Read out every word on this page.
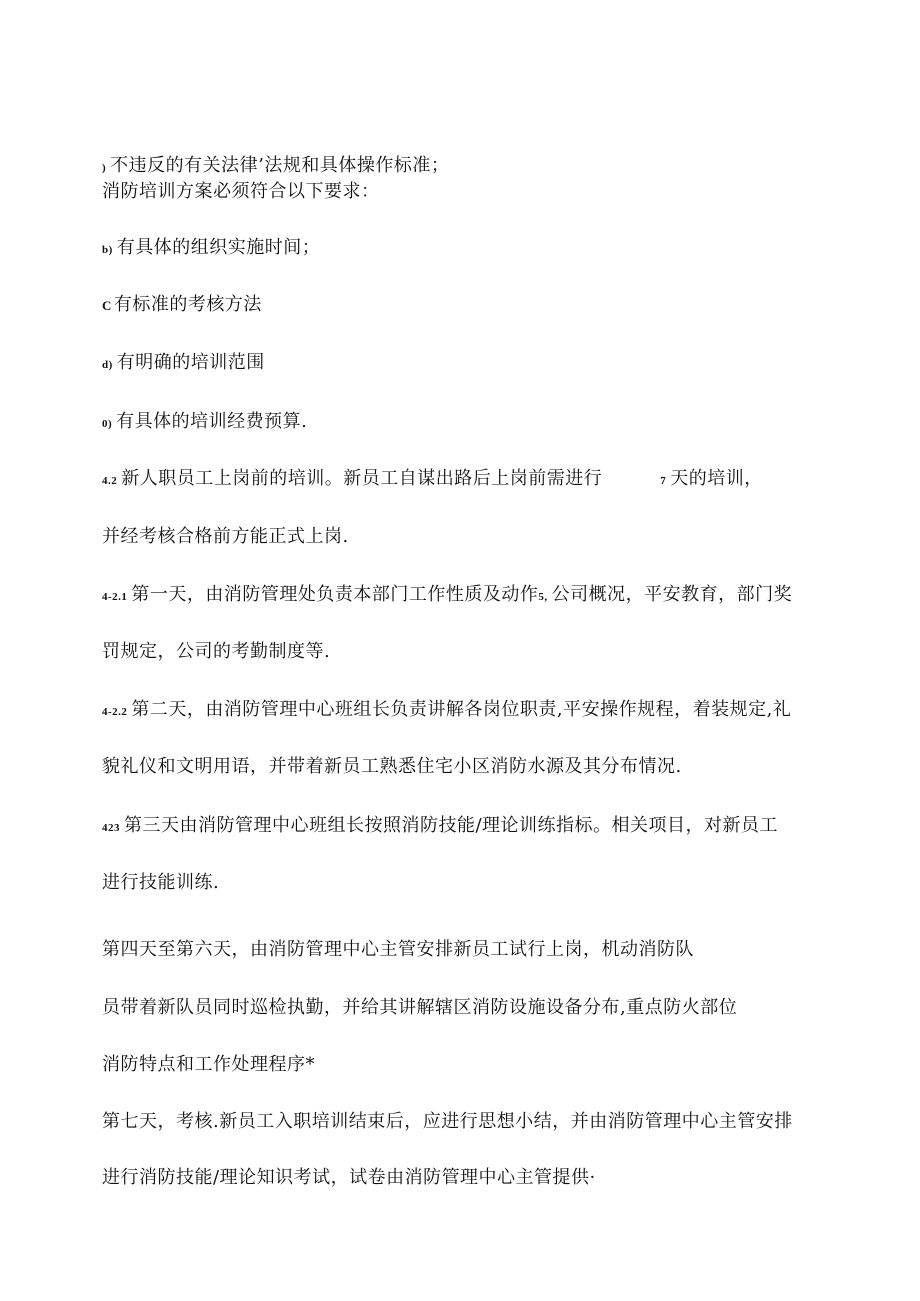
) 不违反的有关法律’法规和具体操作标准；
消防培训方案必须符合以下要求：
b) 有具体的组织实施时间；
C 有标准的考核方法
d) 有明确的培训范围
0) 有具体的培训经费预算.
4.2 新人职员工上岗前的培训。新员工自谋出路后上岗前需进行	7 天的培训，
并经考核合格前方能正式上岗.
4-2.1 第一天，由消防管理处负责本部门工作性质及动作5, 公司概况，平安教育，部门奖
罚规定，公司的考勤制度等.
4-2.2 第二天，由消防管理中心班组长负责讲解各岗位职责,平安操作规程，着装规定,礼
貌礼仪和文明用语，并带着新员工熟悉住宅小区消防水源及其分布情况.
423 第三天由消防管理中心班组长按照消防技能/理论训练指标。相关项目，对新员工
进行技能训练.
第四天至第六天，由消防管理中心主管安排新员工试行上岗，机动消防队
员带着新队员同时巡检执勤，并给其讲解辖区消防设施设备分布,重点防火部位
消防特点和工作处理程序*
第七天，考核.新员工入职培训结束后，应进行思想小结，并由消防管理中心主管安排
进行消防技能/理论知识考试，试卷由消防管理中心主管提供·
